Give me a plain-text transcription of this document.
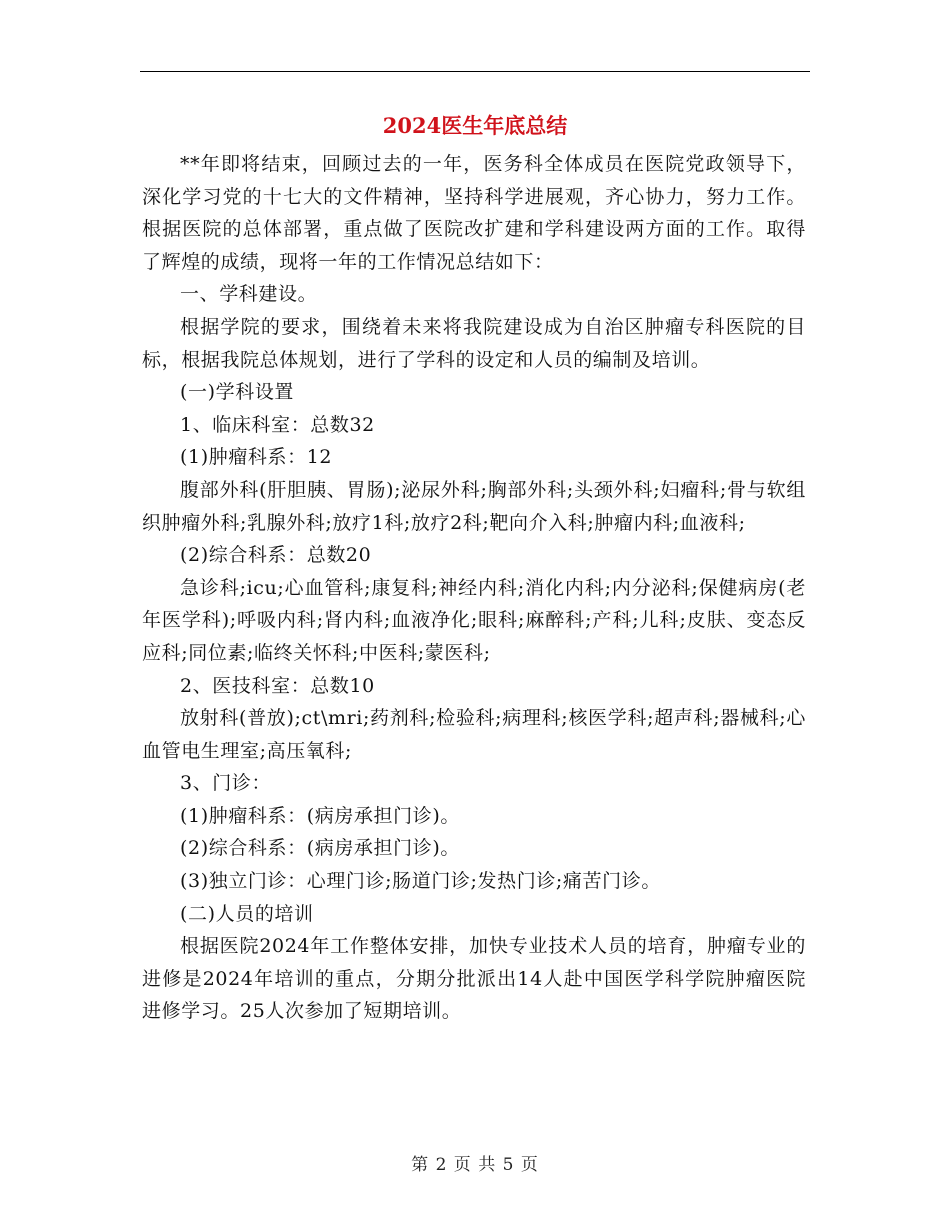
2024医生年底总结

**年即将结束，回顾过去的一年，医务科全体成员在医院党政领导下，深化学习党的十七大的文件精神，坚持科学进展观，齐心协力，努力工作。根据医院的总体部署，重点做了医院改扩建和学科建设两方面的工作。取得了辉煌的成绩，现将一年的工作情况总结如下：

一、学科建设。

根据学院的要求，围绕着未来将我院建设成为自治区肿瘤专科医院的目标，根据我院总体规划，进行了学科的设定和人员的编制及培训。

(一)学科设置

1、临床科室：总数32

(1)肿瘤科系：12

腹部外科(肝胆胰、胃肠);泌尿外科;胸部外科;头颈外科;妇瘤科;骨与软组织肿瘤外科;乳腺外科;放疗1科;放疗2科;靶向介入科;肿瘤内科;血液科;

(2)综合科系：总数20

急诊科;icu;心血管科;康复科;神经内科;消化内科;内分泌科;保健病房(老年医学科);呼吸内科;肾内科;血液净化;眼科;麻醉科;产科;儿科;皮肤、变态反应科;同位素;临终关怀科;中医科;蒙医科;

2、医技科室：总数10

放射科(普放);ct\mri;药剂科;检验科;病理科;核医学科;超声科;器械科;心血管电生理室;高压氧科;

3、门诊：

(1)肿瘤科系：(病房承担门诊)。

(2)综合科系：(病房承担门诊)。

(3)独立门诊：心理门诊;肠道门诊;发热门诊;痛苦门诊。

(二)人员的培训

根据医院2024年工作整体安排，加快专业技术人员的培育，肿瘤专业的进修是2024年培训的重点，分期分批派出14人赴中国医学科学院肿瘤医院进修学习。25人次参加了短期培训。

第 2 页 共 5 页
